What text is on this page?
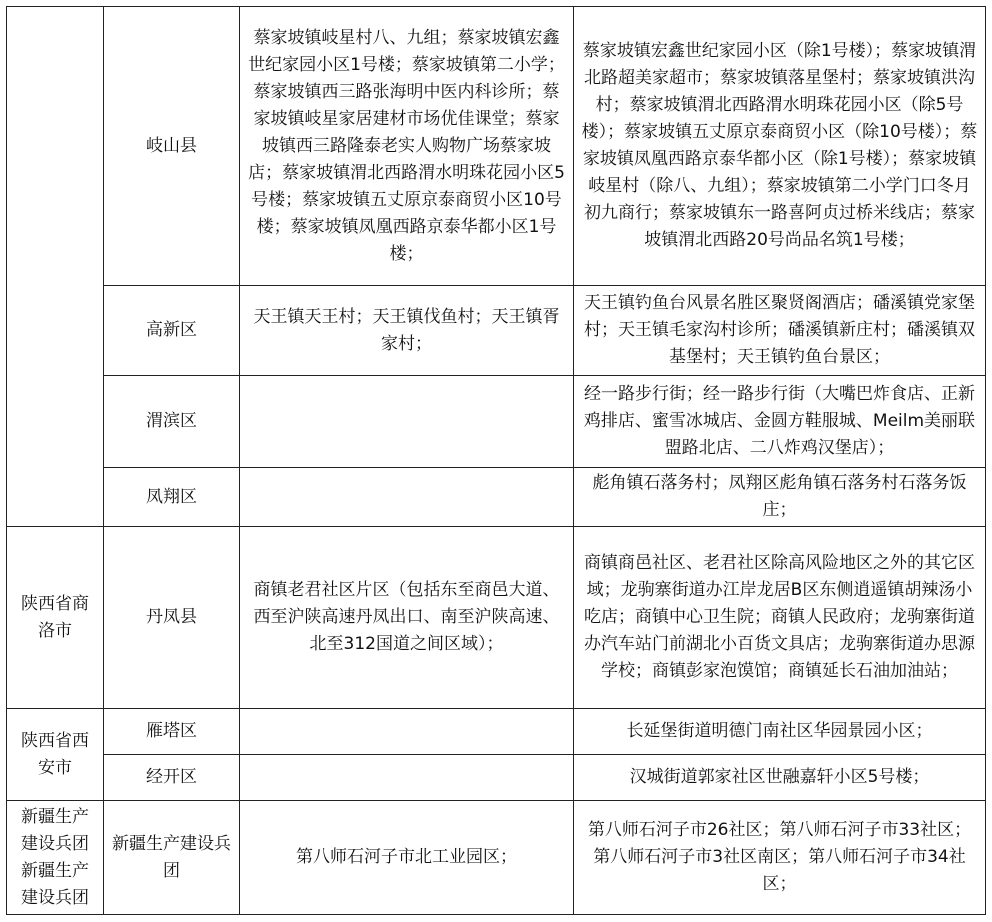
	岐山县	蔡家坡镇岐星村八、九组；蔡家坡镇宏鑫世纪家园小区1号楼；蔡家坡镇第二小学；蔡家坡镇西三路张海明中医内科诊所；蔡家坡镇岐星家居建材市场优佳课堂；蔡家坡镇西三路隆泰老实人购物广场蔡家坡店；蔡家坡镇渭北西路渭水明珠花园小区5号楼；蔡家坡镇五丈原京泰商贸小区10号楼；蔡家坡镇凤凰西路京泰华都小区1号楼；	蔡家坡镇宏鑫世纪家园小区（除1号楼）；蔡家坡镇渭北路超美家超市；蔡家坡镇落星堡村；蔡家坡镇洪沟村；蔡家坡镇渭北西路渭水明珠花园小区（除5号楼）；蔡家坡镇五丈原京泰商贸小区（除10号楼）；蔡家坡镇凤凰西路京泰华都小区（除1号楼）；蔡家坡镇岐星村（除八、九组）；蔡家坡镇第二小学门口冬月初九商行；蔡家坡镇东一路喜阿贞过桥米线店；蔡家坡镇渭北西路20号尚品名筑1号楼；
	高新区	天王镇天王村；天王镇伐鱼村；天王镇胥家村；	天王镇钓鱼台风景名胜区聚贤阁酒店；磻溪镇党家堡村；天王镇毛家沟村诊所；磻溪镇新庄村；磻溪镇双基堡村；天王镇钓鱼台景区；
	渭滨区		经一路步行街；经一路步行街（大嘴巴炸食店、正新鸡排店、蜜雪冰城店、金圆方鞋服城、Meilm美丽联盟路北店、二八炸鸡汉堡店）；
	凤翔区		彪角镇石落务村；凤翔区彪角镇石落务村石落务饭庄；
陕西省商洛市	丹凤县	商镇老君社区片区（包括东至商邑大道、西至沪陕高速丹凤出口、南至沪陕高速、北至312国道之间区域）；	商镇商邑社区、老君社区除高风险地区之外的其它区域；龙驹寨街道办江岸龙居B区东侧逍遥镇胡辣汤小吃店；商镇中心卫生院；商镇人民政府；龙驹寨街道办汽车站门前湖北小百货文具店；龙驹寨街道办思源学校；商镇彭家泡馍馆；商镇延长石油加油站；
陕西省西安市	雁塔区		长延堡街道明德门南社区华园景园小区；
	经开区		汉城街道郭家社区世融嘉轩小区5号楼；
新疆生产建设兵团新疆生产建设兵团	新疆生产建设兵团	第八师石河子市北工业园区；	第八师石河子市26社区；第八师石河子市33社区；第八师石河子市3社区南区；第八师石河子市34社区；
